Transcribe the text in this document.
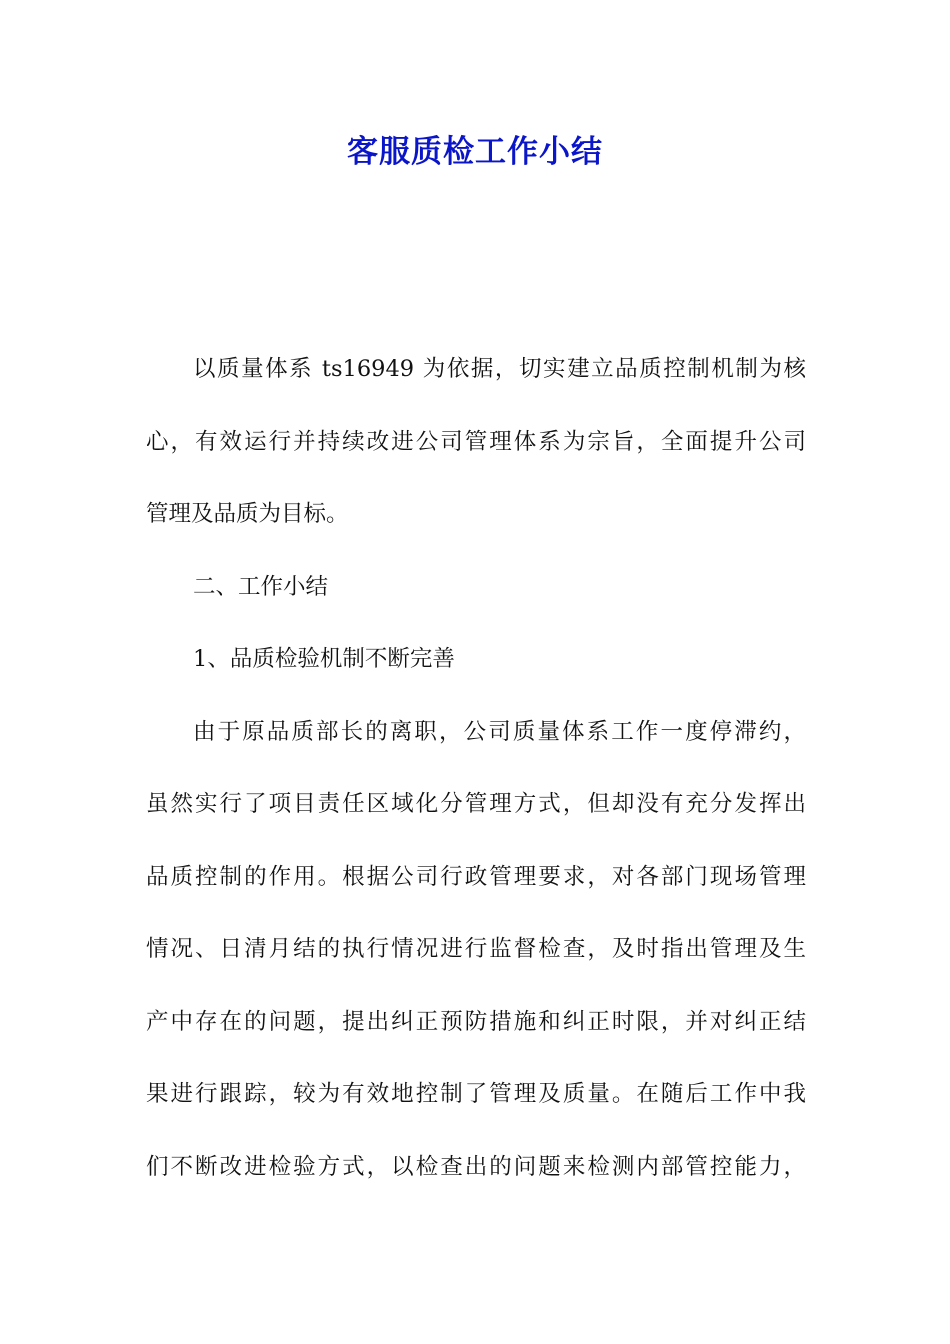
客服质检工作小结

以质量体系 ts16949 为依据，切实建立品质控制机制为核

心，有效运行并持续改进公司管理体系为宗旨，全面提升公司

管理及品质为目标。

二、工作小结

1、品质检验机制不断完善

由于原品质部长的离职，公司质量体系工作一度停滞约，

虽然实行了项目责任区域化分管理方式，但却没有充分发挥出

品质控制的作用。根据公司行政管理要求，对各部门现场管理

情况、日清月结的执行情况进行监督检查，及时指出管理及生

产中存在的问题，提出纠正预防措施和纠正时限，并对纠正结

果进行跟踪，较为有效地控制了管理及质量。在随后工作中我

们不断改进检验方式，以检查出的问题来检测内部管控能力，
